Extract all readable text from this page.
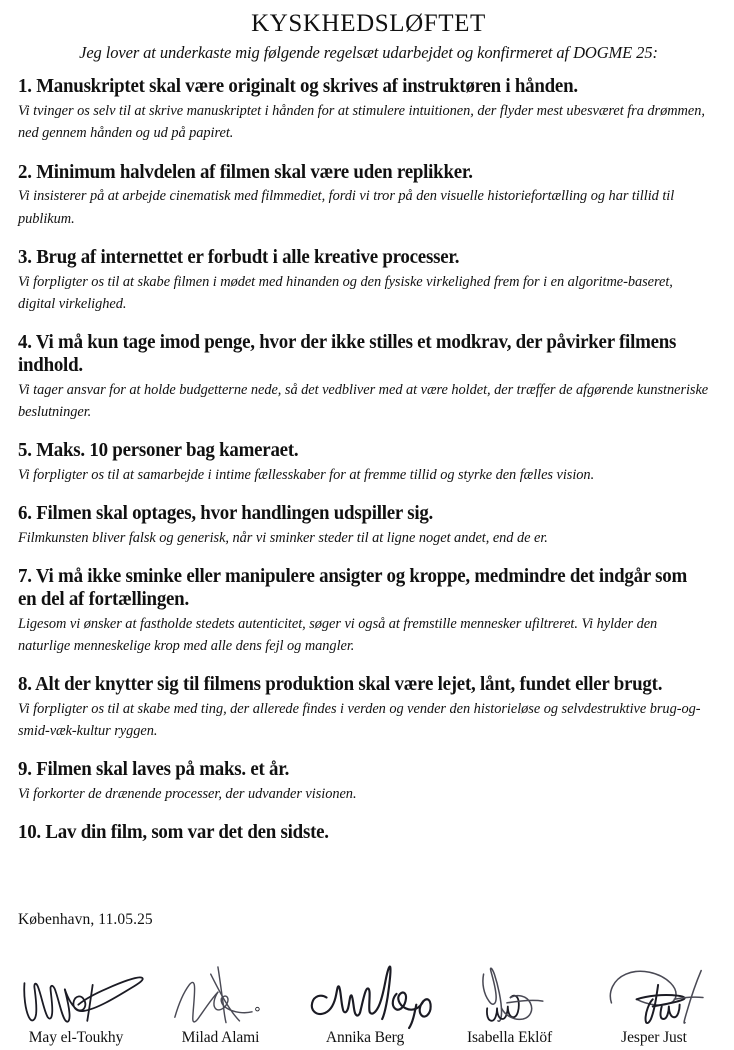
KYSKHEDSLØFTET

Jeg lover at underkaste mig følgende regelsæt udarbejdet og konfirmeret af DOGME 25:

1. Manuskriptet skal være originalt og skrives af instruktøren i hånden.

Vi tvinger os selv til at skrive manuskriptet i hånden for at stimulere intuitionen, der flyder mest ubesværet fra drømmen, ned gennem hånden og ud på papiret.

2. Minimum halvdelen af filmen skal være uden replikker.

Vi insisterer på at arbejde cinematisk med filmmediet, fordi vi tror på den visuelle historiefortælling og har tillid til publikum.

3. Brug af internettet er forbudt i alle kreative processer.

Vi forpligter os til at skabe filmen i mødet med hinanden og den fysiske virkelighed frem for i en algoritme-baseret, digital virkelighed.

4. Vi må kun tage imod penge, hvor der ikke stilles et modkrav, der påvirker filmens indhold.

Vi tager ansvar for at holde budgetterne nede, så det vedbliver med at være holdet, der træffer de afgørende kunstneriske beslutninger.

5. Maks. 10 personer bag kameraet.

Vi forpligter os til at samarbejde i intime fællesskaber for at fremme tillid og styrke den fælles vision.

6. Filmen skal optages, hvor handlingen udspiller sig.

Filmkunsten bliver falsk og generisk, når vi sminker steder til at ligne noget andet, end de er.

7. Vi må ikke sminke eller manipulere ansigter og kroppe, medmindre det indgår som en del af fortællingen.

Ligesom vi ønsker at fastholde stedets autenticitet, søger vi også at fremstille mennesker ufiltreret. Vi hylder den naturlige menneskelige krop med alle dens fejl og mangler.

8. Alt der knytter sig til filmens produktion skal være lejet, lånt, fundet eller brugt.

Vi forpligter os til at skabe med ting, der allerede findes i verden og vender den historieløse og selvdestruktive brug-og-smid-væk-kultur ryggen.

9. Filmen skal laves på maks. et år.

Vi forkorter de drænende processer, der udvander visionen.

10. Lav din film, som var det den sidste.
København, 11.05.25
May el-Toukhy	Milad Alami	Annika Berg	Isabella Eklöf	Jesper Just
